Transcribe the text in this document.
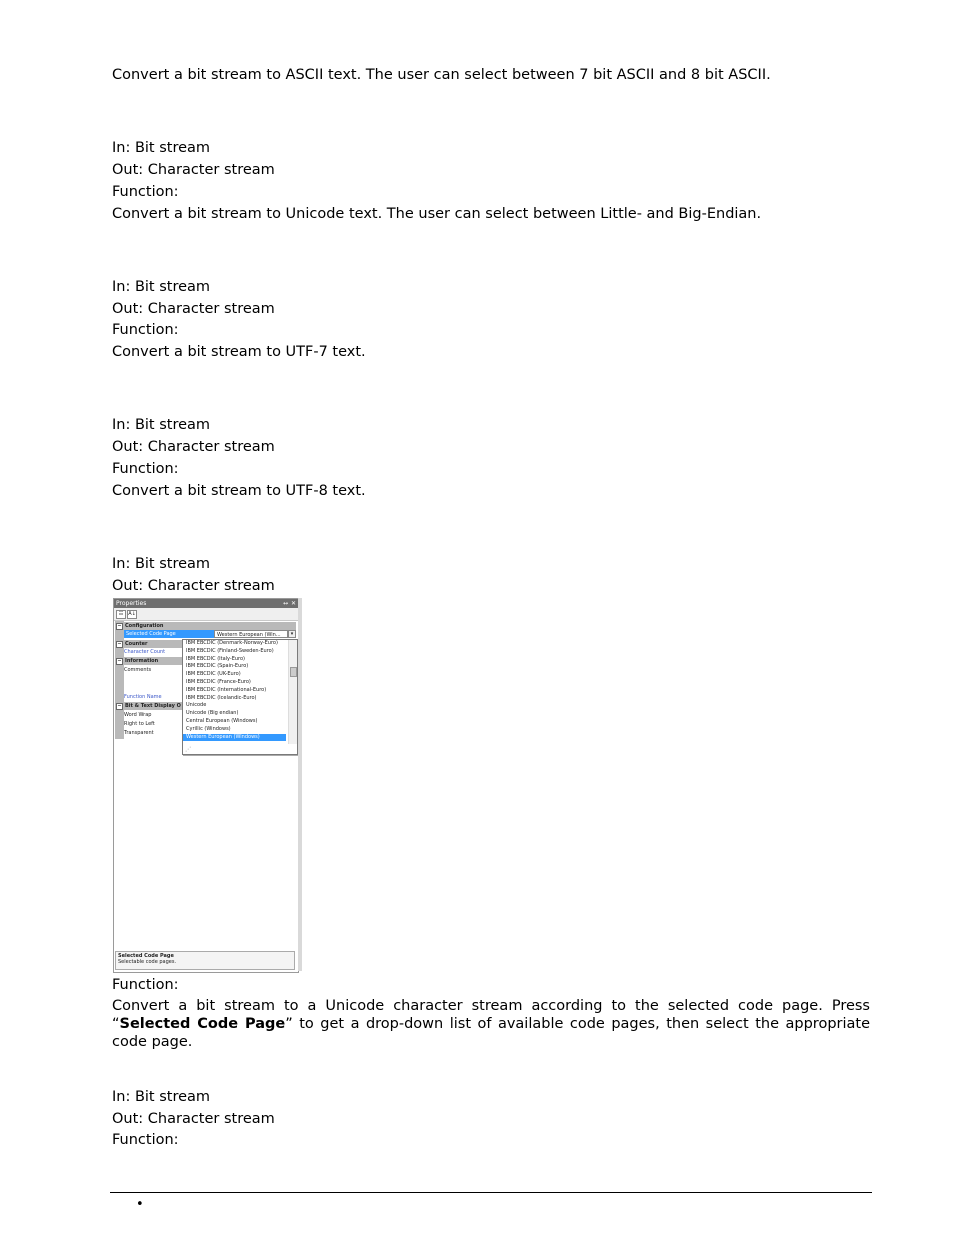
Convert a bit stream to ASCII text. The user can select between 7 bit ASCII and 8 bit ASCII.
In: Bit stream
Out: Character stream
Function:
Convert a bit stream to Unicode text. The user can select between Little- and Big-Endian.
In: Bit stream
Out: Character stream
Function:
Convert a bit stream to UTF-7 text.
In: Bit stream
Out: Character stream
Function:
Convert a bit stream to UTF-8 text.
In: Bit stream
Out: Character stream
Properties	↔ ✕
☷ A↓
− Configuration
Selected Code Page	Western European (Win...	▾
− Counter
Character Count
− Information
Comments
Function Name
− Bit & Text Display O
Word Wrap
Right to Left
Transparent
IBM EBCDIC (Denmark-Norway-Euro)
IBM EBCDIC (Finland-Sweden-Euro)
IBM EBCDIC (Italy-Euro)
IBM EBCDIC (Spain-Euro)
IBM EBCDIC (UK-Euro)
IBM EBCDIC (France-Euro)
IBM EBCDIC (International-Euro)
IBM EBCDIC (Icelandic-Euro)
Unicode
Unicode (Big endian)
Central European (Windows)
Cyrillic (Windows)
Western European (Windows)
⋰
Selected Code Page
Selectable code pages.
Function:
Convert a bit stream to a Unicode character stream according to the selected code page. Press “Selected Code Page” to get a drop-down list of available code pages, then select the appropriate code page.
In: Bit stream
Out: Character stream
Function:
•
